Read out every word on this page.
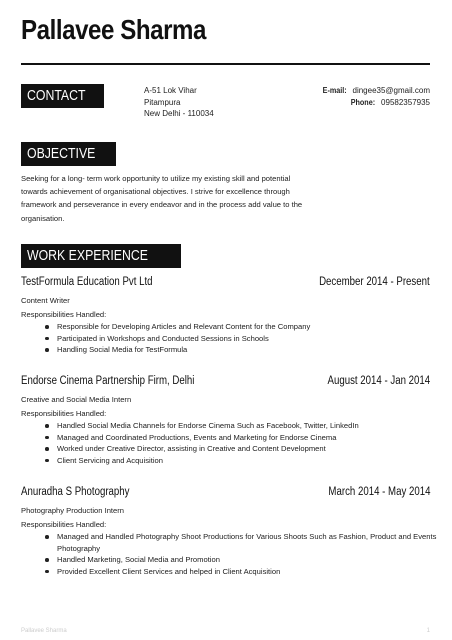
Pallavee Sharma
CONTACT	A-51 Lok Vihar
Pitampura
New Delhi - 110034
E-mail: dingee35@gmail.com
Phone: 09582357935
OBJECTIVE
Seeking for a long- term work opportunity to utilize my existing skill and potential towards achievement of organisational objectives. I strive for excellence through framework and perseverance in every endeavor and in the process add value to the organisation.
WORK EXPERIENCE
TestFormula Education Pvt Ltd	December 2014 - Present
Content Writer
Responsibilities Handled:
Responsible for Developing Articles and Relevant Content for the Company
Participated in Workshops and Conducted Sessions in Schools
Handling Social Media for TestFormula
Endorse Cinema Partnership Firm, Delhi	August 2014 - Jan 2014
Creative and Social Media Intern
Responsibilities Handled:
Handled Social Media Channels for Endorse Cinema Such as Facebook, Twitter, LinkedIn
Managed and Coordinated Productions, Events and Marketing for Endorse Cinema
Worked under Creative Director, assisting in Creative and Content Development
Client Servicing and Acquisition
Anuradha S Photography	March 2014 - May 2014
Photography Production Intern
Responsibilities Handled:
Managed and Handled Photography Shoot Productions for Various Shoots Such as Fashion, Product and Events Photography
Handled Marketing, Social Media and Promotion
Provided Excellent Client Services and helped in Client Acquisition
Pallavee Sharma	1
